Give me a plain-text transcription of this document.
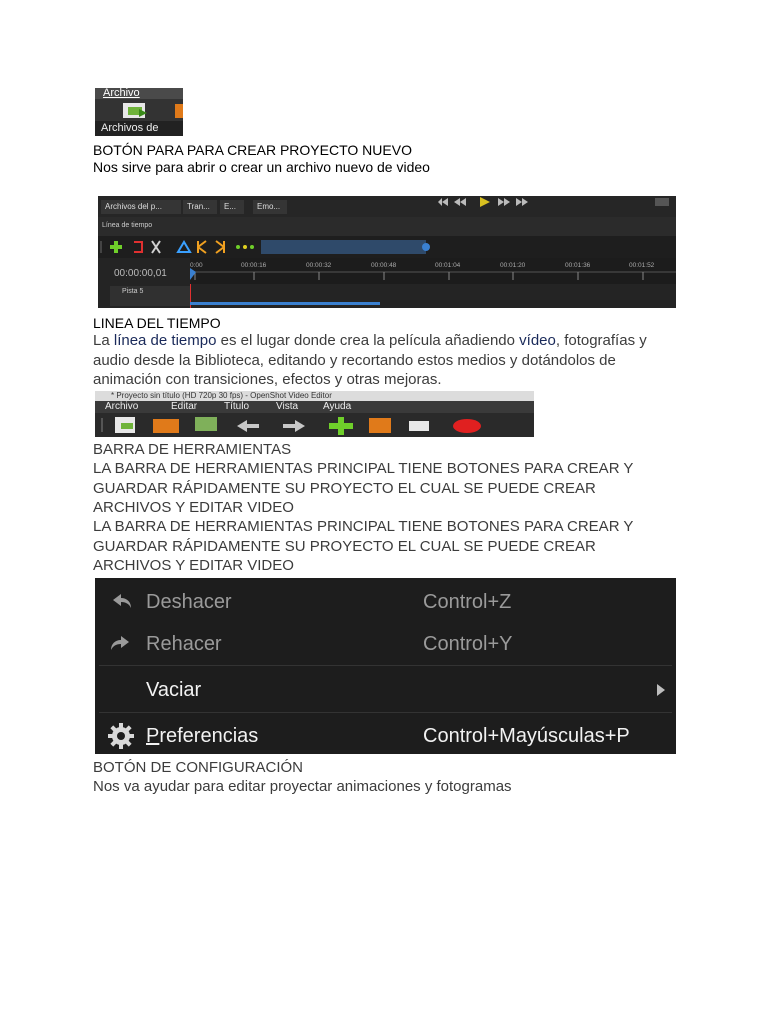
Archivo
Archivos de
BOTÓN PARA PARA CREAR PROYECTO NUEVO
Nos sirve para abrir o crear un archivo nuevo de video
Archivos del p...	Tran...	E...	Emo...
Línea de tiempo
00:00:00,01
0:00	00:00:16	00:00:32	00:00:48	00:01:04	00:01:20	00:01:36	00:01:52
Pista 5
LINEA DEL TIEMPO
La línea de tiempo es el lugar donde crea la película añadiendo vídeo, fotografías y audio desde la Biblioteca, editando y recortando estos medios y dotándolos de animación con transiciones, efectos y otras mejoras.
* Proyecto sin título (HD 720p 30 fps) - OpenShot Video Editor
Archivo	Editar	Título	Vista Ayuda
BARRA DE HERRAMIENTAS
LA BARRA DE HERRAMIENTAS PRINCIPAL TIENE BOTONES PARA CREAR Y GUARDAR RÁPIDAMENTE SU PROYECTO EL CUAL SE PUEDE CREAR ARCHIVOS Y EDITAR VIDEO
LA BARRA DE HERRAMIENTAS PRINCIPAL TIENE BOTONES PARA CREAR Y GUARDAR RÁPIDAMENTE SU PROYECTO EL CUAL SE PUEDE CREAR ARCHIVOS Y EDITAR VIDEO
Deshacer	Control+Z
Rehacer	Control+Y
Vaciar
Preferencias	Control+Mayúsculas+P
BOTÓN DE CONFIGURACIÓN
Nos va ayudar para editar proyectar animaciones y fotogramas
